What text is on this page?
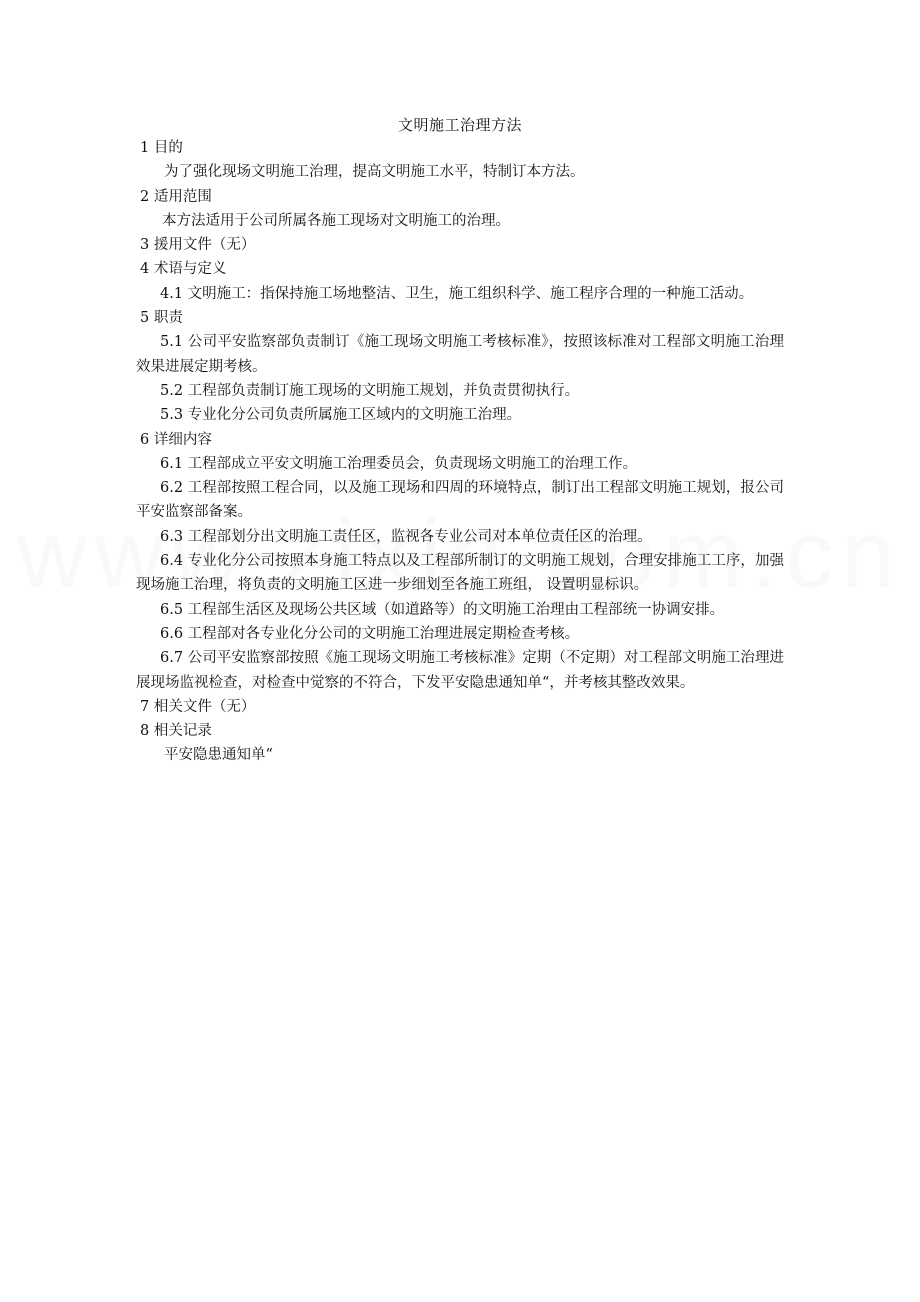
文明施工治理方法

1 目的

为了强化现场文明施工治理，提高文明施工水平，特制订本方法。

2 适用范围

本方法适用于公司所属各施工现场对文明施工的治理。

3 援用文件（无）

4 术语与定义

4.1 文明施工：指保持施工场地整洁、卫生，施工组织科学、施工程序合理的一种施工活动。

5 职责

5.1 公司平安监察部负责制订《施工现场文明施工考核标准》，按照该标准对工程部文明施工治理效果进展定期考核。

5.2 工程部负责制订施工现场的文明施工规划，并负责贯彻执行。

5.3 专业化分公司负责所属施工区域内的文明施工治理。

6 详细内容

6.1 工程部成立平安文明施工治理委员会，负责现场文明施工的治理工作。

6.2 工程部按照工程合同，以及施工现场和四周的环境特点，制订出工程部文明施工规划，报公司平安监察部备案。

6.3 工程部划分出文明施工责任区，监视各专业公司对本单位责任区的治理。

6.4 专业化分公司按照本身施工特点以及工程部所制订的文明施工规划，合理安排施工工序，加强现场施工治理，将负责的文明施工区进一步细划至各施工班组， 设置明显标识。

6.5 工程部生活区及现场公共区域（如道路等）的文明施工治理由工程部统一协调安排。

6.6 工程部对各专业化分公司的文明施工治理进展定期检查考核。

6.7 公司平安监察部按照《施工现场文明施工考核标准》定期（不定期）对工程部文明施工治理进展现场监视检查，对检查中觉察的不符合，下发平安隐患通知单“，并考核其整改效果。

7 相关文件（无）

8 相关记录

平安隐患通知单“
